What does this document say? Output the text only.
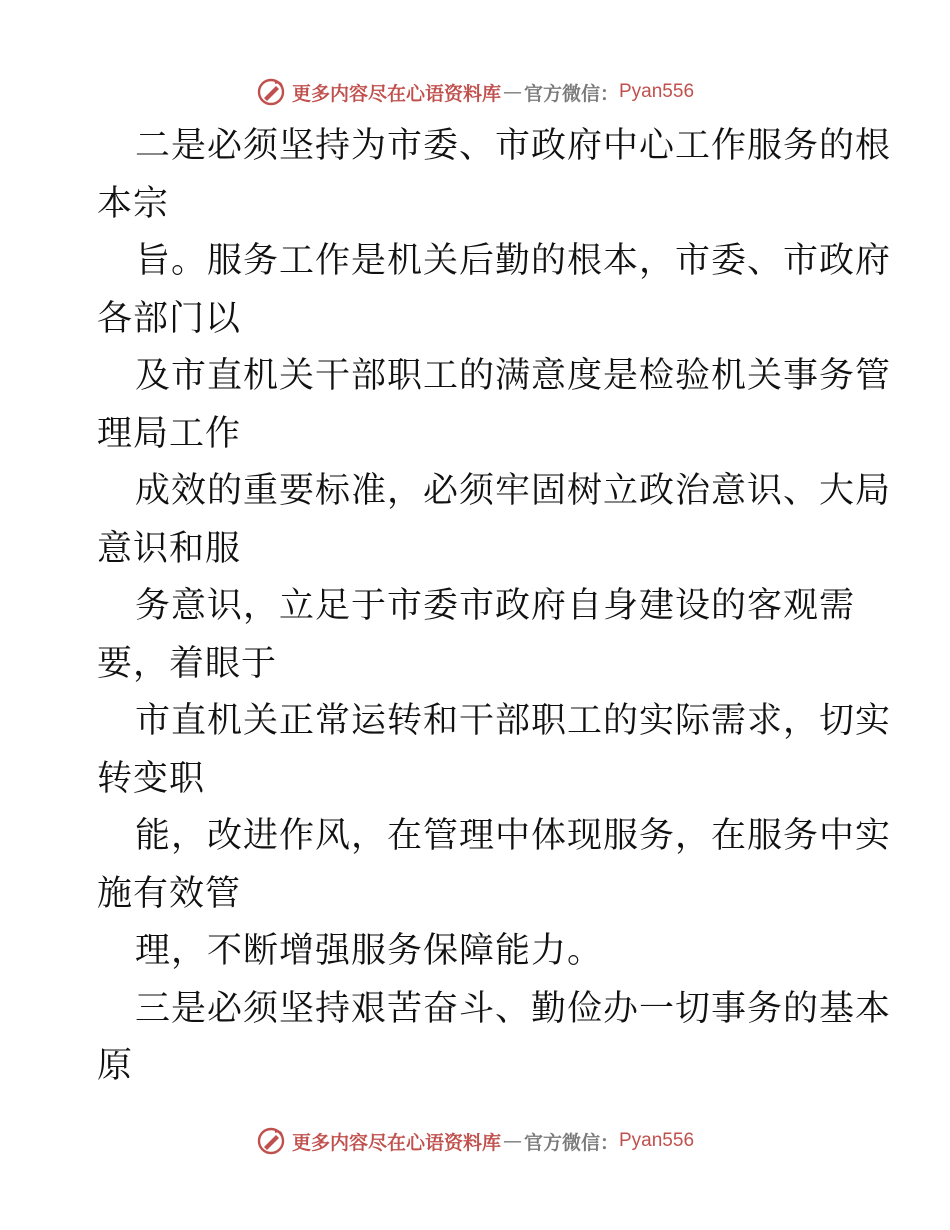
更多内容尽在心语资料库 — 官方微信： Pyan556

二是必须坚持为市委、市政府中心工作服务的根
本宗

旨。服务工作是机关后勤的根本，市委、市政府
各部门以

及市直机关干部职工的满意度是检验机关事务管
理局工作

成效的重要标准，必须牢固树立政治意识、大局
意识和服

务意识，立足于市委市政府自身建设的客观需
要，着眼于

市直机关正常运转和干部职工的实际需求，切实
转变职

能，改进作风，在管理中体现服务，在服务中实
施有效管

理，不断增强服务保障能力。

三是必须坚持艰苦奋斗、勤俭办一切事务的基本
原

更多内容尽在心语资料库 — 官方微信： Pyan556
